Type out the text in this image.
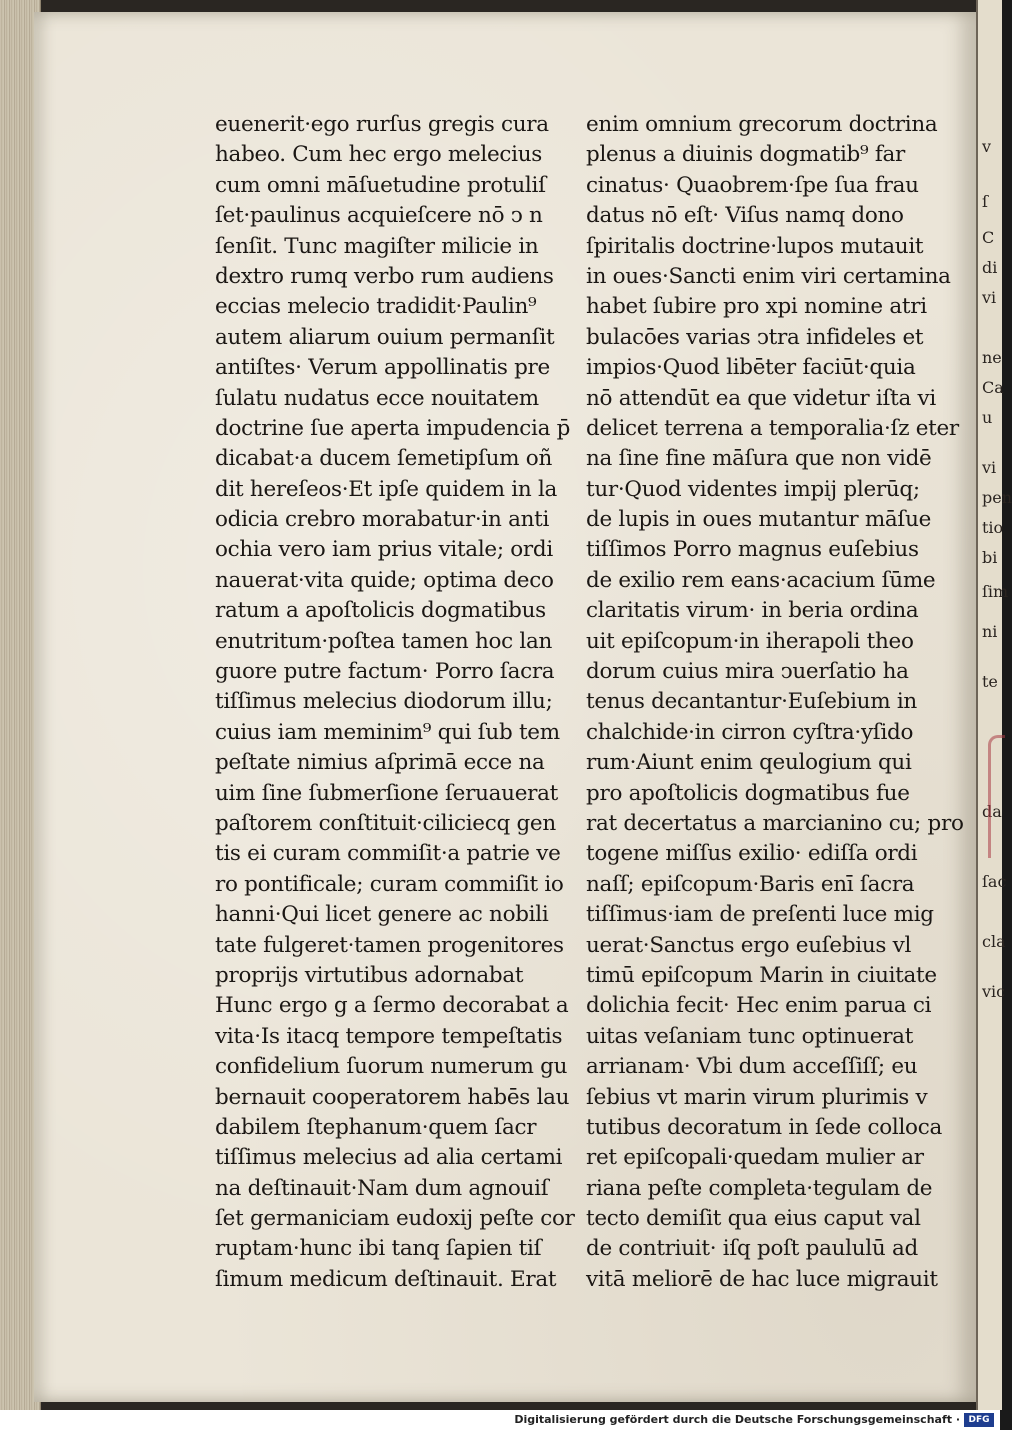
euenerit·ego rurſus gregis cura
habeo. Cum hec ergo melecius
cum omni māſuetudine protuliſ
ſet·paulinus acquieſcere nō ↄ n
ſenſit. Tunc magiſter milicie in
dextro rumq verbo rum audiens
eccias melecio tradidit·Paulin⁹
autem aliarum ouium permanſit
antiſtes· Verum appollinatis pre
ſulatu nudatus ecce nouitatem
doctrine ſue aperta impudencia p̄
dicabat·a ducem ſemetipſum oñ
dit hereſeos·Et ipſe quidem in la
odicia crebro morabatur·in anti
ochia vero iam prius vitale; ordi
nauerat·vita quide; optima deco
ratum a apoſtolicis dogmatibus
enutritum·poſtea tamen hoc lan
guore putre factum· Porro ſacra
tiſſimus melecius diodorum illu;
cuius iam meminim⁹ qui ſub tem
peſtate nimius aſprimā ecce na
uim ſine ſubmerſione ſeruauerat
paſtorem conſtituit·ciliciecq gen
tis ei curam commiſit·a patrie ve
ro pontificale; curam commiſit io
hanni·Qui licet genere ac nobili
tate fulgeret·tamen progenitores
proprijs virtutibus adornabat
Hunc ergo g a ſermo decorabat a
vita·Is itacq tempore tempeſtatis
confidelium ſuorum numerum gu
bernauit cooperatorem habēs lau
dabilem ſtephanum·quem ſacr
tiſſimus melecius ad alia certami
na deſtinauit·Nam dum agnouiſ
ſet germaniciam eudoxij peſte cor
ruptam·hunc ibi tanq ſapien tiſ
ſimum medicum deſtinauit. Erat
enim omnium grecorum doctrina
plenus a diuinis dogmatib⁹ far
cinatus· Quaobrem·ſpe ſua frau
datus nō eſt· Viſus namq dono
ſpiritalis doctrine·lupos mutauit
in oues·Sancti enim viri certamina
habet ſubire pro xpi nomine atri
bulacōes varias ↄtra infideles et
impios·Quod libēter faciūt·quia
nō attendūt ea que videtur iſta vi
delicet terrena a temporalia·ſz eter
na ſine fine māſura que non vidē
tur·Quod videntes impij plerūq;
de lupis in oues mutantur māſue
tiſſimos Porro magnus euſebius
de exilio rem eans·acacium ſūme
claritatis virum· in beria ordina
uit epiſcopum·in iherapoli theo
dorum cuius mira ↄuerſatio ha
tenus decantantur·Euſebium in
chalchide·in cirron cyſtra·yſido
rum·Aiunt enim qeulogium qui
pro apoſtolicis dogmatibus fue
rat decertatus a marcianino cu; pro
togene miſſus exilio· ediſſa ordi
naſſ; epiſcopum·Baris enī ſacra
tiſſimus·iam de preſenti luce mig
uerat·Sanctus ergo euſebius vl
timū epiſcopum Marin in ciuitate
dolichia fecit· Hec enim parua ci
uitas veſaniam tunc optinuerat
arrianam· Vbi dum acceſſiſſ; eu
ſebius vt marin virum plurimis v
tutibus decoratum in ſede colloca
ret epiſcopali·quedam mulier ar
riana peſte completa·tegulam de
tecto demiſit qua eius caput val
de contriuit· iſq poſt paululū ad
vitā meliorē de hac luce migrauit
v
ſ
C
di
vi
ne
Ca
u
vi
pen
tio
bi
ſim
ni
te
da
ſac
cla
vic
Digitalisierung gefördert durch die Deutsche Forschungsgemeinschaft · DFG
